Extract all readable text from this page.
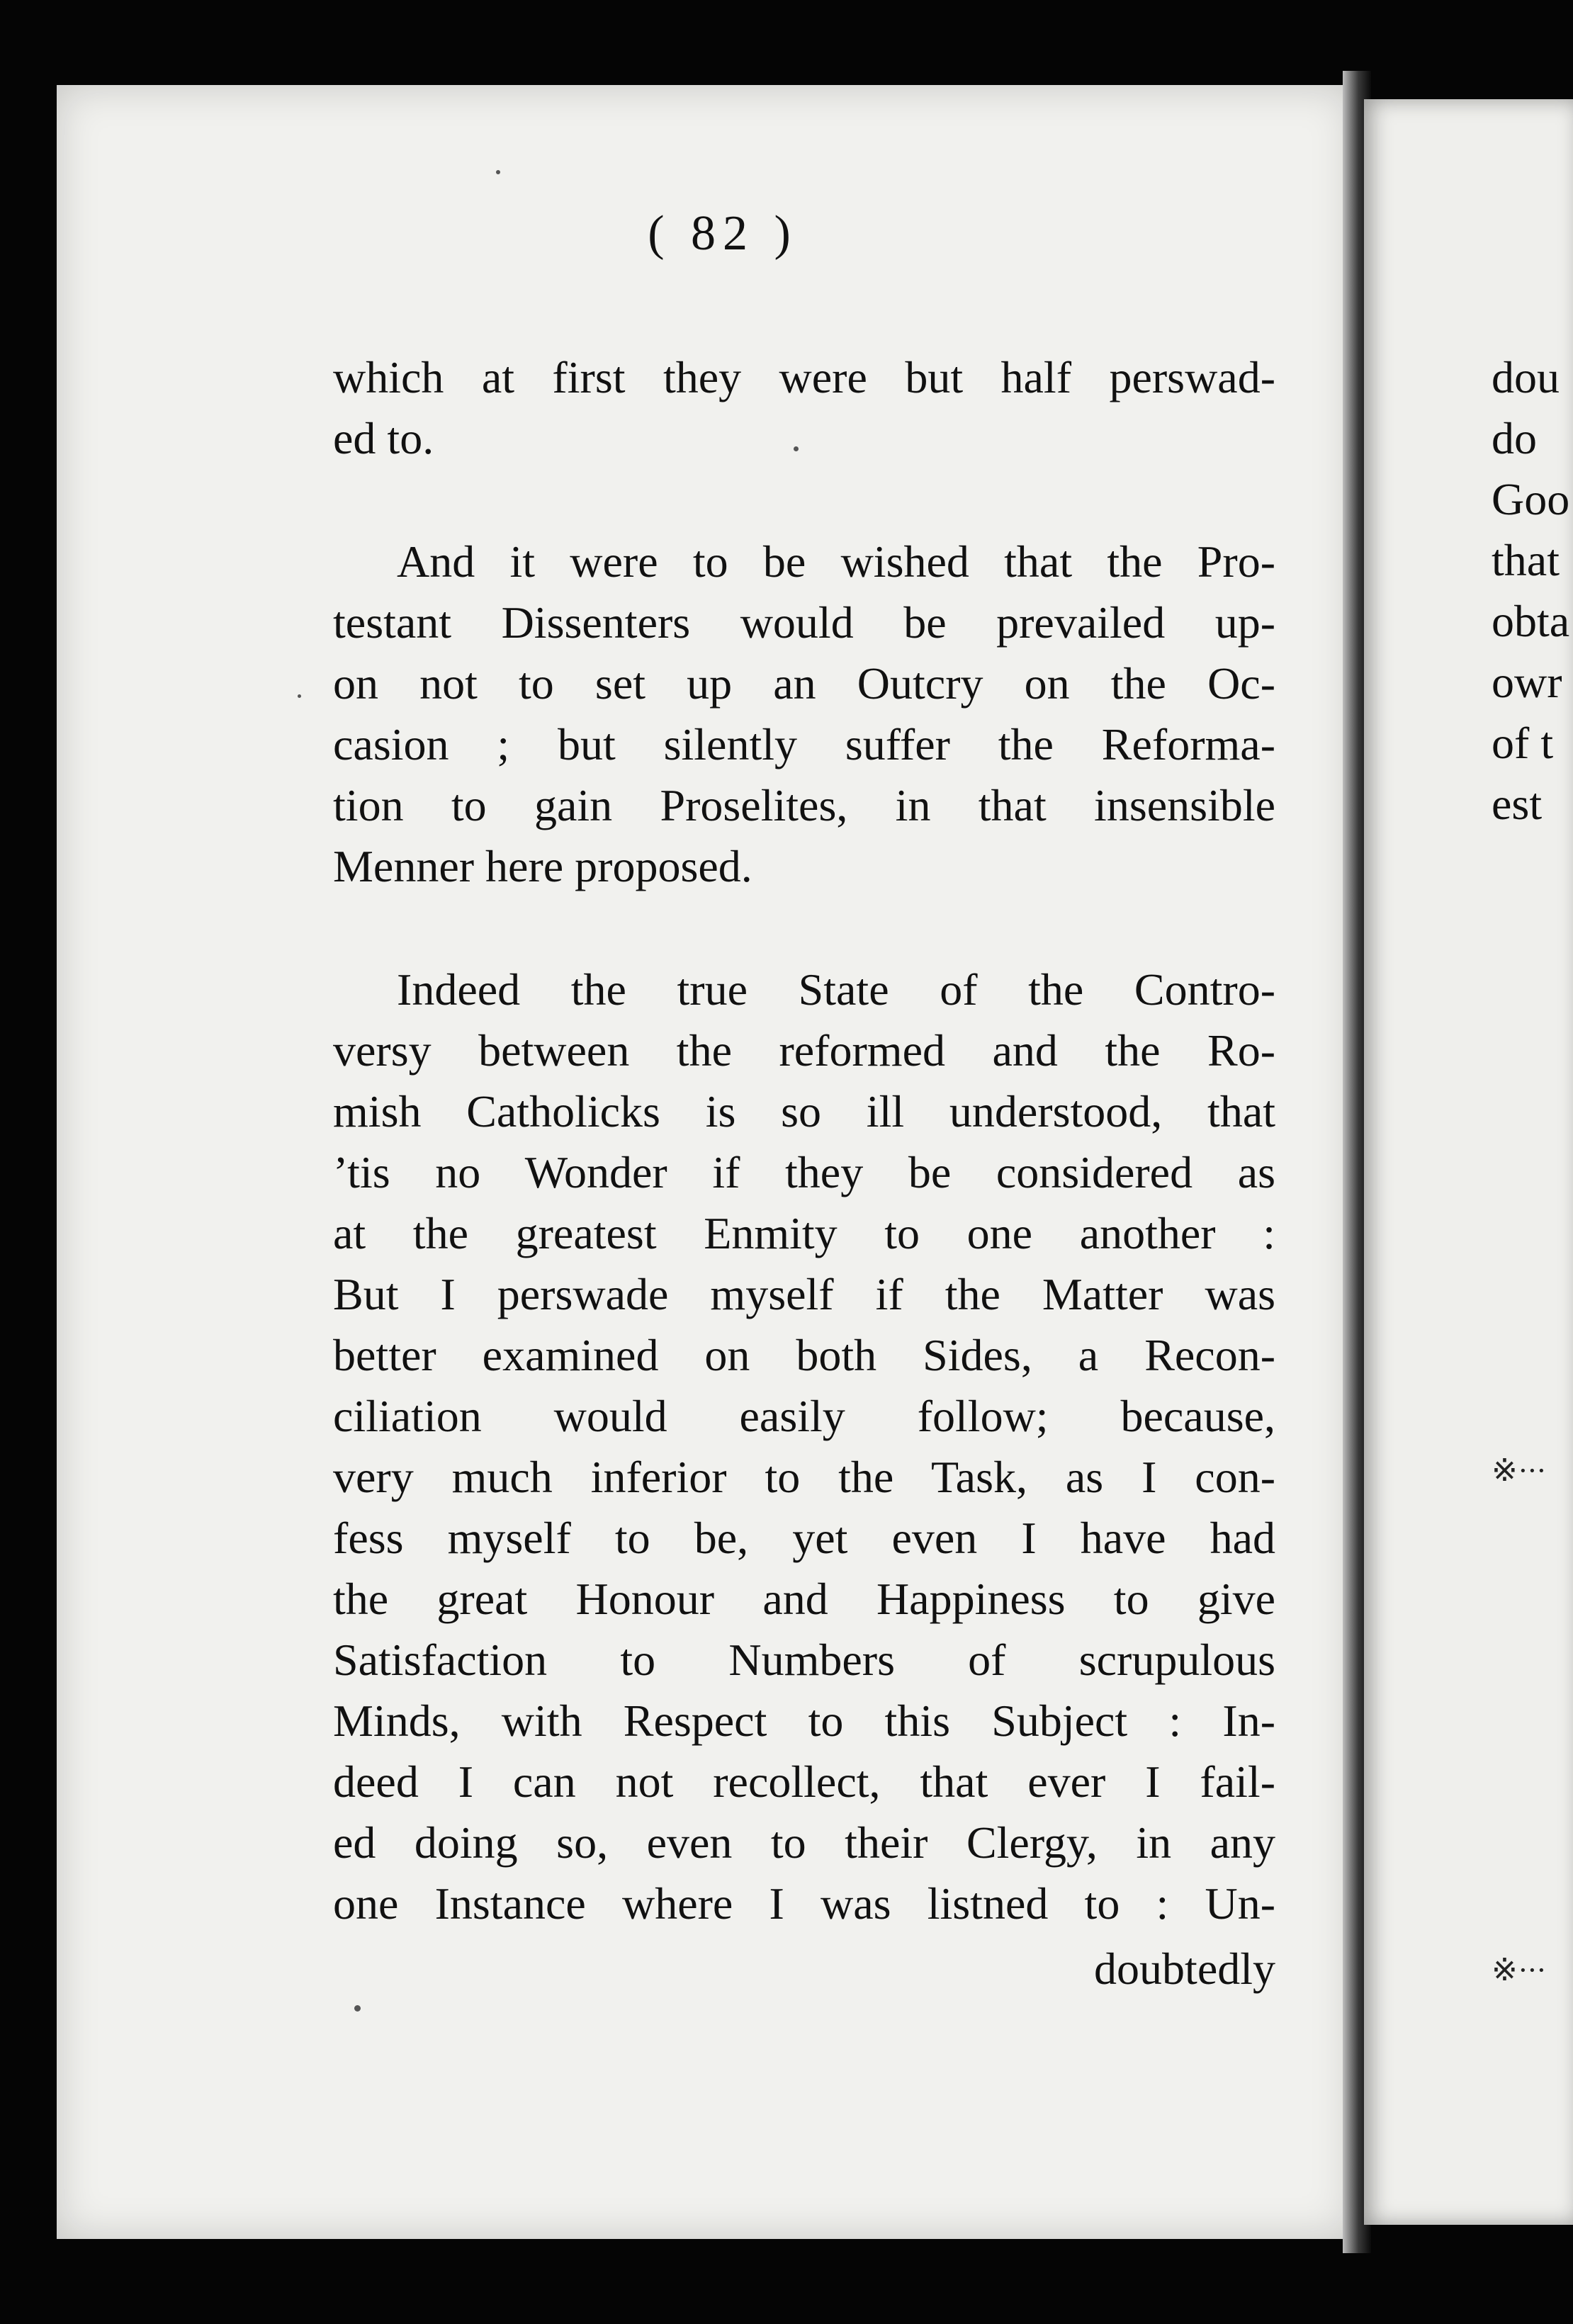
( 82 )
which at first they were but half perswad-
ed to.
And it were to be wished that the Pro-
testant Dissenters would be prevailed up-
on not to set up an Outcry on the Oc-
casion ; but silently suffer the Reforma-
tion to gain Proselites, in that insensible
Menner here proposed.
Indeed the true State of the Contro-
versy between the reformed and the Ro-
mish Catholicks is so ill understood, that
’tis no Wonder if they be considered as
at the greatest Enmity to one another :
But I perswade myself if the Matter was
better examined on both Sides, a Recon-
ciliation would easily follow; because,
very much inferior to the Task, as I con-
fess myself to be, yet even I have had
the great Honour and Happiness to give
Satisfaction to Numbers of scrupulous
Minds, with Respect to this Subject : In-
deed I can not recollect, that ever I fail-
ed doing so, even to their Clergy, in any
one Instance where I was listned to : Un-
doubtedly
dou
do
Goo
that
obta
owr
of t
est
※∙∙∙
※∙∙∙
